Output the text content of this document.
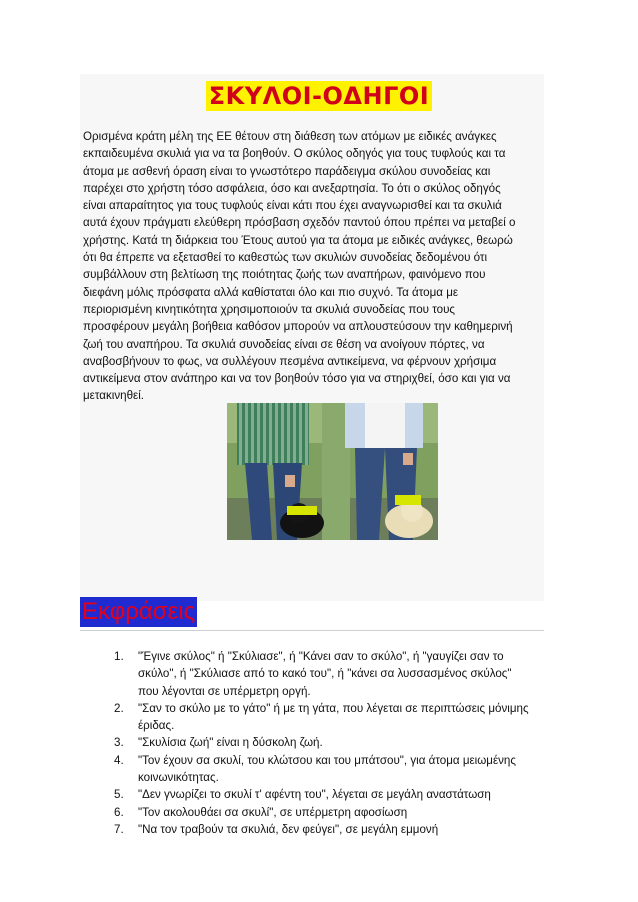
ΣΚΥΛΟΙ-ΟΔΗΓΟΙ
Ορισμένα κράτη μέλη της ΕΕ θέτουν στη διάθεση των ατόμων με ειδικές ανάγκες
εκπαιδευμένα σκυλιά για να τα βοηθούν. Ο σκύλος οδηγός για τους τυφλούς και τα
άτομα με ασθενή όραση είναι το γνωστότερο παράδειγμα σκύλου συνοδείας και
παρέχει στο χρήστη τόσο ασφάλεια, όσο και ανεξαρτησία. Το ότι ο σκύλος οδηγός
είναι απαραίτητος για τους τυφλούς είναι κάτι που έχει αναγνωρισθεί και τα σκυλιά
αυτά έχουν πράγματι ελεύθερη πρόσβαση σχεδόν παντού όπου πρέπει να μεταβεί ο
χρήστης. Κατά τη διάρκεια του Έτους αυτού για τα άτομα με ειδικές ανάγκες, θεωρώ
ότι θα έπρεπε να εξετασθεί το καθεστώς των σκυλιών συνοδείας δεδομένου ότι
συμβάλλουν στη βελτίωση της ποιότητας ζωής των αναπήρων, φαινόμενο που
διεφάνη μόλις πρόσφατα αλλά καθίσταται όλο και πιο συχνό. Τα άτομα με
περιορισμένη κινητικότητα χρησιμοποιούν τα σκυλιά συνοδείας που τους
προσφέρουν μεγάλη βοήθεια καθόσον μπορούν να απλουστεύσουν την καθημερινή
ζωή του αναπήρου. Τα σκυλιά συνοδείας είναι σε θέση να ανοίγουν πόρτες, να
αναβοσβήνουν το φως, να συλλέγουν πεσμένα αντικείμενα, να φέρνουν χρήσιμα
αντικείμενα στον ανάπηρο και να τον βοηθούν τόσο για να στηριχθεί, όσο και για να
μετακινηθεί.
Εκφράσεις
1. "Έγινε σκύλος" ή "Σκύλιασε", ή "Κάνει σαν το σκύλο", ή "γαυγίζει σαν το
σκύλο", ή "Σκύλιασε από το κακό του", ή "κάνει σα λυσσασμένος σκύλος"
που λέγονται σε υπέρμετρη οργή.
2. "Σαν το σκύλο με το γάτο" ή με τη γάτα, που λέγεται σε περιπτώσεις μόνιμης
έριδας.
3. "Σκυλίσια ζωή" είναι η δύσκολη ζωή.
4. "Τον έχουν σα σκυλί, του κλώτσου και του μπάτσου", για άτομα μειωμένης
κοινωνικότητας.
5. "Δεν γνωρίζει το σκυλί τ' αφέντη του", λέγεται σε μεγάλη αναστάτωση
6. "Τον ακολουθάει σα σκυλί", σε υπέρμετρη αφοσίωση
7. "Να τον τραβούν τα σκυλιά, δεν φεύγει", σε μεγάλη εμμονή
